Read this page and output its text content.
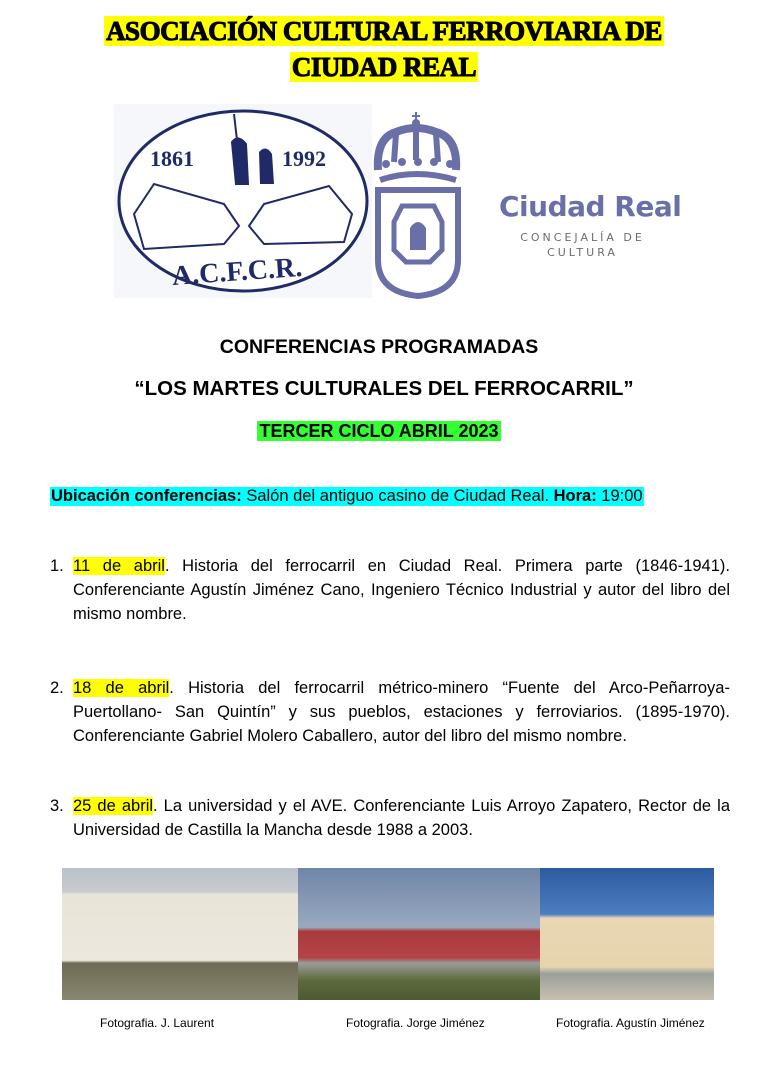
ASOCIACIÓN CULTURAL FERROVIARIA DE
CIUDAD REAL
1861	1992
A.C.F.C.R.
Ciudad Real
CONCEJALÍA DE
CULTURA
CONFERENCIAS PROGRAMADAS
“LOS MARTES CULTURALES DEL FERROCARRIL”
TERCER CICLO ABRIL 2023
Ubicación conferencias: Salón del antiguo casino de Ciudad Real. Hora: 19:00
1. 11 de abril. Historia del ferrocarril en Ciudad Real. Primera parte (1846-1941). Conferenciante Agustín Jiménez Cano, Ingeniero Técnico Industrial y autor del libro del mismo nombre.
2. 18 de abril. Historia del ferrocarril métrico-minero “Fuente del Arco-Peñarroya-Puertollano- San Quintín” y sus pueblos, estaciones y ferroviarios. (1895-1970). Conferenciante Gabriel Molero Caballero, autor del libro del mismo nombre.
3. 25 de abril. La universidad y el AVE. Conferenciante Luis Arroyo Zapatero, Rector de la Universidad de Castilla la Mancha desde 1988 a 2003.
Fotografia. J. Laurent	Fotografia. Jorge Jiménez	Fotografia. Agustín Jiménez
